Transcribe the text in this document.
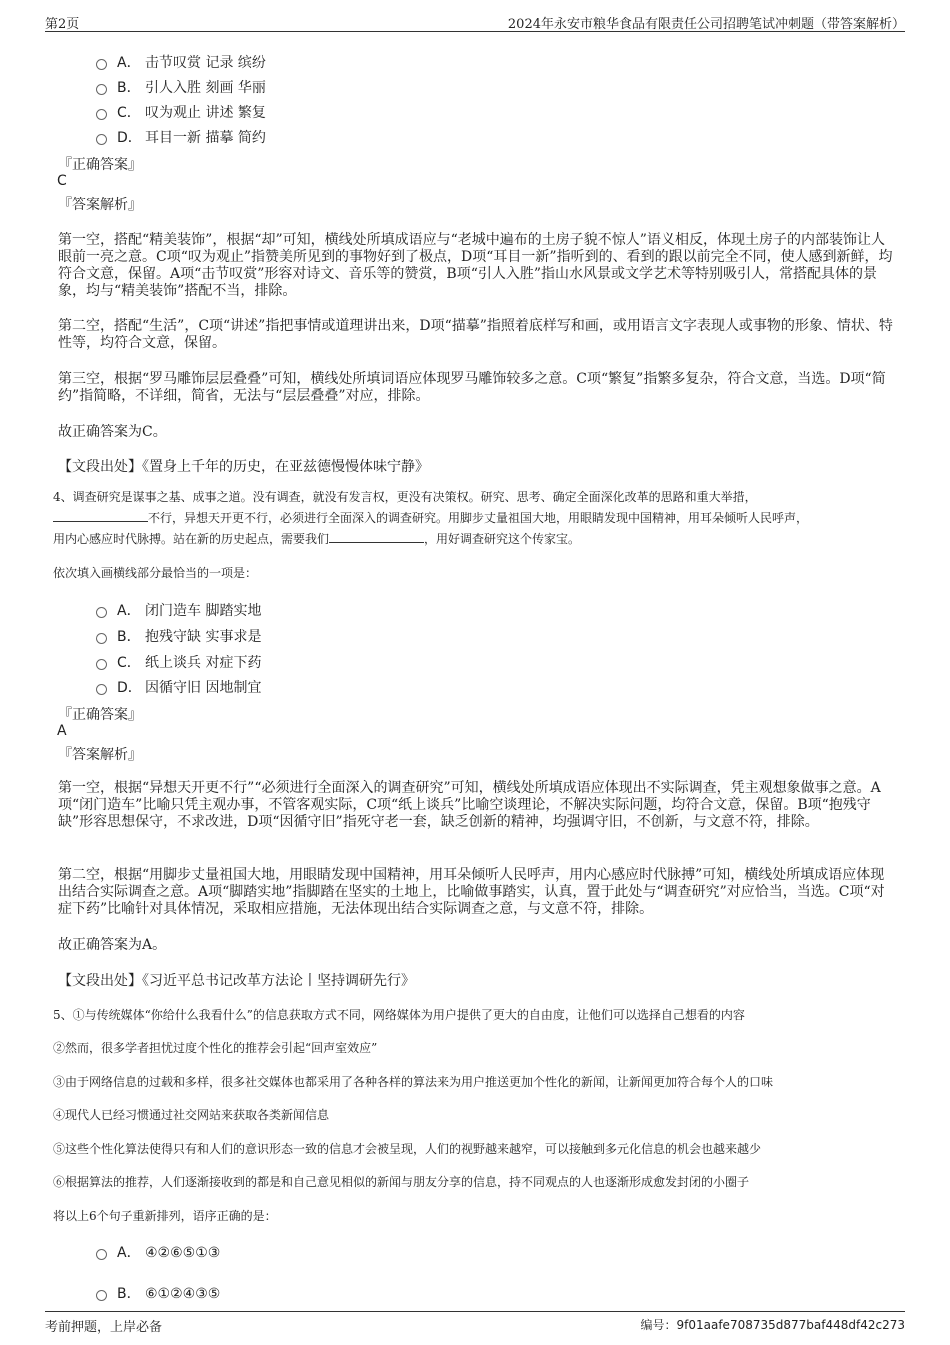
第2页	2024年永安市粮华食品有限责任公司招聘笔试冲刺题（带答案解析）
A． 击节叹赏 记录 缤纷
B． 引人入胜 刻画 华丽
C． 叹为观止 讲述 繁复
D． 耳目一新 描摹 简约
『正确答案』
C
『答案解析』
第一空，搭配“精美装饰”，根据“却”可知，横线处所填成语应与“老城中遍布的土房子貌不惊人”语义相反，体现土房子的内部装饰让人眼前一亮之意。C项“叹为观止”指赞美所见到的事物好到了极点，D项“耳目一新”指听到的、看到的跟以前完全不同，使人感到新鲜，均符合文意，保留。A项“击节叹赏”形容对诗文、音乐等的赞赏，B项“引人入胜”指山水风景或文学艺术等特别吸引人，常搭配具体的景象，均与“精美装饰”搭配不当，排除。
第二空，搭配“生活”，C项“讲述”指把事情或道理讲出来，D项“描摹”指照着底样写和画，或用语言文字表现人或事物的形象、情状、特性等，均符合文意，保留。
第三空，根据“罗马雕饰层层叠叠”可知，横线处所填词语应体现罗马雕饰较多之意。C项“繁复”指繁多复杂，符合文意，当选。D项“简约”指简略，不详细，简省，无法与“层层叠叠”对应，排除。
故正确答案为C。
【文段出处】《置身上千年的历史，在亚兹德慢慢体味宁静》
4、调查研究是谋事之基、成事之道。没有调查，就没有发言权，更没有决策权。研究、思考、确定全面深化改革的思路和重大举措，
不行，异想天开更不行，必须进行全面深入的调查研究。用脚步丈量祖国大地，用眼睛发现中国精神，用耳朵倾听人民呼声，
用内心感应时代脉搏。站在新的历史起点，需要我们	，用好调查研究这个传家宝。
依次填入画横线部分最恰当的一项是：
A． 闭门造车 脚踏实地
B． 抱残守缺 实事求是
C． 纸上谈兵 对症下药
D． 因循守旧 因地制宜
『正确答案』
A
『答案解析』
第一空，根据“异想天开更不行”“必须进行全面深入的调查研究”可知，横线处所填成语应体现出不实际调查，凭主观想象做事之意。A项“闭门造车”比喻只凭主观办事，不管客观实际，C项“纸上谈兵”比喻空谈理论，不解决实际问题，均符合文意，保留。B项“抱残守缺”形容思想保守，不求改进，D项“因循守旧”指死守老一套，缺乏创新的精神，均强调守旧，不创新，与文意不符，排除。
第二空，根据“用脚步丈量祖国大地，用眼睛发现中国精神，用耳朵倾听人民呼声，用内心感应时代脉搏”可知，横线处所填成语应体现出结合实际调查之意。A项“脚踏实地”指脚踏在坚实的土地上，比喻做事踏实，认真，置于此处与“调查研究”对应恰当，当选。C项“对症下药”比喻针对具体情况，采取相应措施，无法体现出结合实际调查之意，与文意不符，排除。
故正确答案为A。
【文段出处】《习近平总书记改革方法论丨坚持调研先行》
5、①与传统媒体“你给什么我看什么”的信息获取方式不同，网络媒体为用户提供了更大的自由度，让他们可以选择自己想看的内容
②然而，很多学者担忧过度个性化的推荐会引起“回声室效应”
③由于网络信息的过载和多样，很多社交媒体也都采用了各种各样的算法来为用户推送更加个性化的新闻，让新闻更加符合每个人的口味
④现代人已经习惯通过社交网站来获取各类新闻信息
⑤这些个性化算法使得只有和人们的意识形态一致的信息才会被呈现，人们的视野越来越窄，可以接触到多元化信息的机会也越来越少
⑥根据算法的推荐，人们逐渐接收到的都是和自己意见相似的新闻与朋友分享的信息，持不同观点的人也逐渐形成愈发封闭的小圈子
将以上6个句子重新排列，语序正确的是：
A． ④②⑥⑤①③
B． ⑥①②④③⑤
考前押题，上岸必备	编号：9f01aafe708735d877baf448df42c273
